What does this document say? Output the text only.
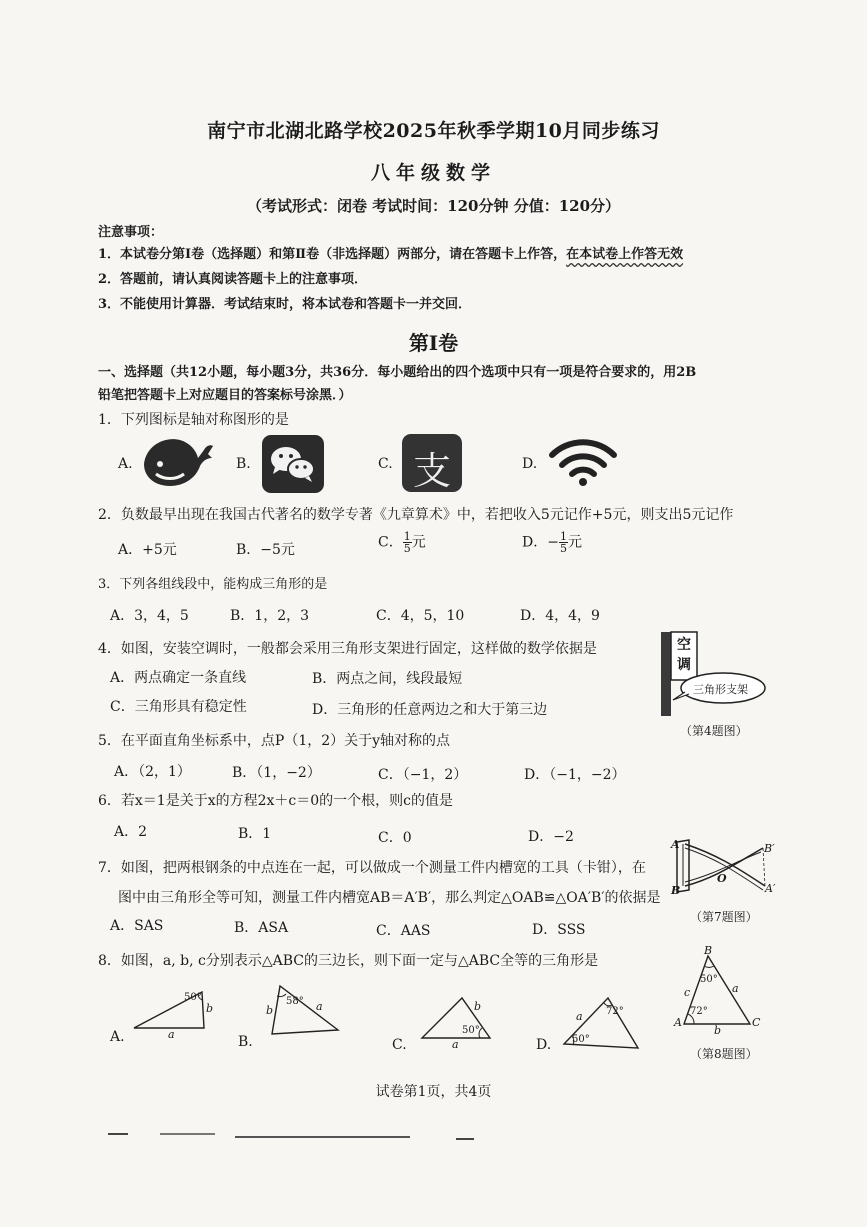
南宁市北湖北路学校2025年秋季学期10月同步练习
八年级数学
（考试形式：闭卷 考试时间：120分钟 分值：120分）
注意事项：
1．本试卷分第Ⅰ卷（选择题）和第Ⅱ卷（非选择题）两部分，请在答题卡上作答，在本试卷上作答无效
2．答题前，请认真阅读答题卡上的注意事项．
3．不能使用计算器．考试结束时，将本试卷和答题卡一并交回．
第Ⅰ卷
一、选择题（共12小题，每小题3分，共36分．每小题给出的四个选项中只有一项是符合要求的，用2B
铅笔把答题卡上对应题目的答案标号涂黑．）
1．下列图标是轴对称图形的是
A.	B.	C. 支	D.
2．负数最早出现在我国古代著名的数学专著《九章算术》中，若把收入5元记作+5元，则支出5元记作
A．+5元	B．−5元	C． $\frac{1}{5}$ 元	D．− $\frac{1}{5}$ 元
3．下列各组线段中，能构成三角形的是
A．3，4，5	B．1，2，3	C．4，5，10	D．4，4，9
4．如图，安装空调时，一般都会采用三角形支架进行固定，这样做的数学依据是
A．两点确定一条直线	B．两点之间，线段最短
C．三角形具有稳定性	D．三角形的任意两边之和大于第三边
空
调
三角形支架
（第4题图）
5．在平面直角坐标系中，点P（1，2）关于y轴对称的点
A．（2，1）	B．（1，−2）	C．（−1，2）	D．（−1，−2）
6．若x＝1是关于x的方程2x＋c＝0的一个根，则c的值是
A．2	B．1	C．0	D．−2
7．如图，把两根钢条的中点连在一起，可以做成一个测量工件内槽宽的工具（卡钳），在
图中由三角形全等可知，测量工件内槽宽AB＝A′B′，那么判定△OAB≌△OA′B′的依据是
A．SAS	B．ASA	C．AAS	D．SSS
A
B
O
B′
A′
（第7题图）
8．如图，a, b, c分别表示△ABC的三边长，则下面一定与△ABC全等的三角形是
A.
50°
b
a	B.
58°
b	a
C.
50°
b
a	D.
72°
50°
a
B
A	C
50°
72°
a
b
c
（第8题图）
试卷第1页，共4页
